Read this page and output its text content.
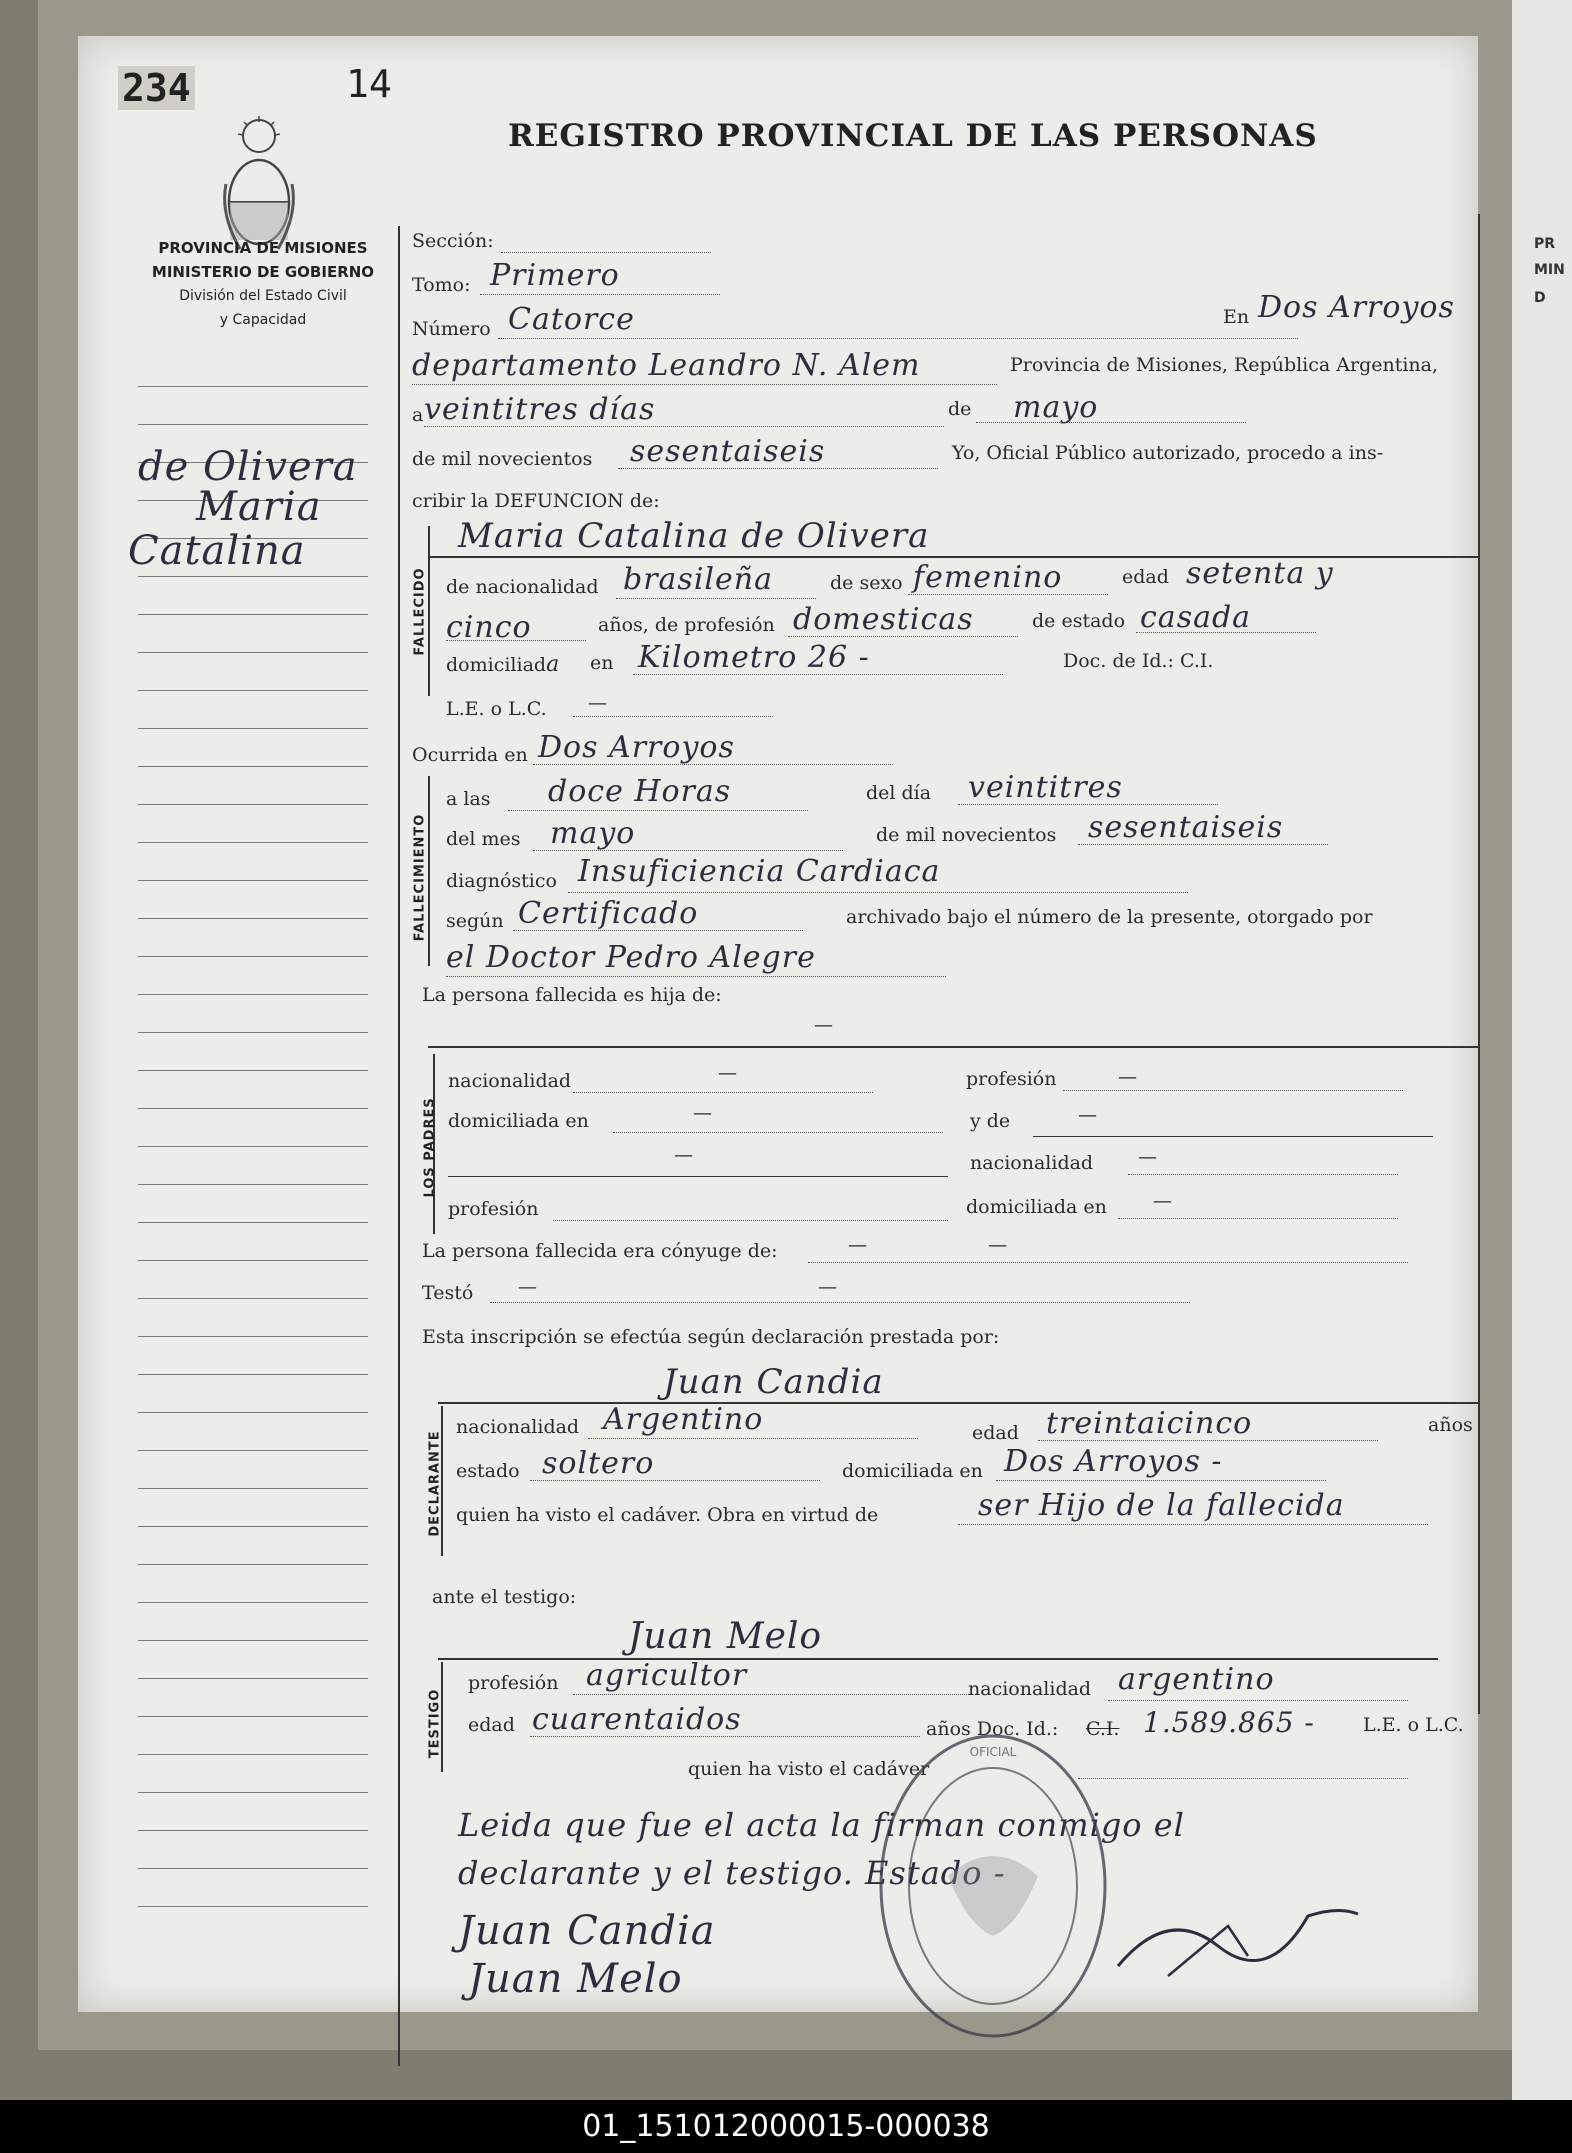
PR
MIN
D
234	14
REGISTRO PROVINCIAL DE LAS PERSONAS
PROVINCIA DE MISIONES
MINISTERIO DE GOBIERNO
División del Estado Civil
y Capacidad
de Olivera
Maria
Catalina
Sección:
Tomo: Primero
Número Catorce	En Dos Arroyos
departamento Leandro N. Alem	Provincia de Misiones, República Argentina,
a veintitres días	de mayo
de mil novecientos sesentaiseis	Yo, Oficial Público autorizado, procedo a ins-
cribir la DEFUNCION de:
FALLECIDO
Maria Catalina de Olivera
de nacionalidad brasileña	de sexo femenino	edad setenta y
cinco	años, de profesión domesticas	de estado casada
domiciliada en Kilometro 26 -	Doc. de Id.: C.I.
L.E. o L.C. —
Ocurrida en Dos Arroyos
FALLECIMIENTO
a las doce Horas	del día veintitres
del mes mayo	de mil novecientos sesentaiseis
diagnóstico Insuficiencia Cardiaca
según Certificado	archivado bajo el número de la presente, otorgado por
el Doctor Pedro Alegre
La persona fallecida es hija de:
—
LOS PADRES
nacionalidad	—	profesión	—
domiciliada en	—	y de	—
—	nacionalidad —
profesión	domiciliada en —
La persona fallecida era cónyuge de:	—	—
Testó —	—
Esta inscripción se efectúa según declaración prestada por:
Juan Candia
DECLARANTE
nacionalidad Argentino	edad treintaicinco	años
estado soltero	domiciliada en Dos Arroyos -
quien ha visto el cadáver. Obra en virtud de	ser Hijo de la fallecida
ante el testigo:
Juan Melo
TESTIGO
profesión agricultor	nacionalidad argentino
edad cuarentaidos	años Doc. Id.: C.I. 1.589.865 -	L.E. o L.C.
quien ha visto el cadáver
Leida que fue el acta la firman conmigo el
declarante y el testigo. Estado -
Juan Candia
Juan Melo
OFICIAL
01_151012000015-000038
